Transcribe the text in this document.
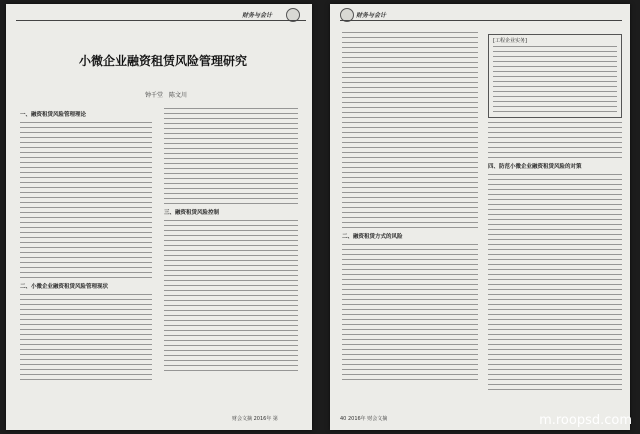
财务与会计
小微企业融资租赁风险管理研究
钟千堂　陈文川
一、融资租赁风险管理理论
二、小微企业融资租赁风险管理现状
三、融资租赁风险控制
财会文摘 2016年 第
财务与会计
二、融资租赁方式的风险
[工程企业实务]
四、防范小微企业融资租赁风险的对策
40 2016年 财会文摘	m.roopsd.com
